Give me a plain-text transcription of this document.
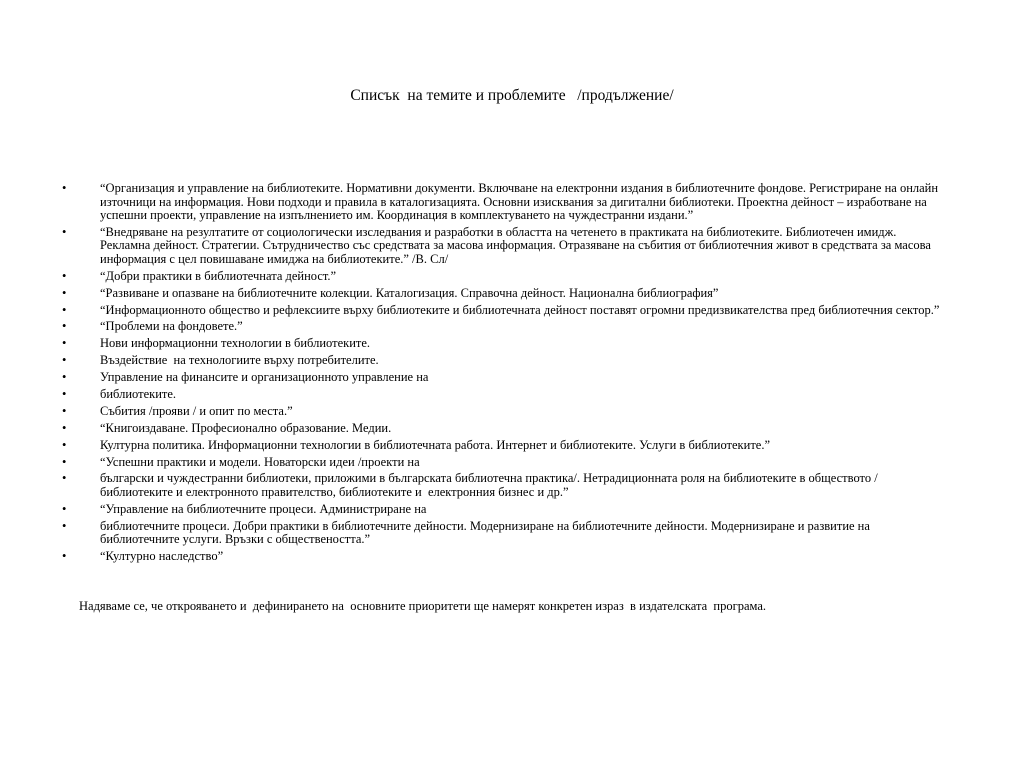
Списък  на темите и проблемите   /продължение/
•	“Организация и управление на библиотеките. Нормативни документи. Включване на електронни издания в библиотечните фондове. Регистриране на онлайн източници на информация. Нови подходи и правила в каталогизацията. Основни изисквания за дигитални библиотеки. Проектна дейност – изработване на успешни проекти, управление на изпълнението им. Координация в комплектуването на чуждестранни издани.”
•	“Внедряване на резултатите от социологически изследвания и разработки в областта на четенето в практиката на библиотеките. Библиотечен имидж. Рекламна дейност. Стратегии. Сътрудничество със средствата за масова информация. Отразяване на събития от библиотечния живот в средствата за масова информация с цел повишаване имиджа на библиотеките.” /В. Сл/
•	“Добри практики в библиотечната дейност.”
•	“Развиване и опазване на библиотечните колекции. Каталогизация. Справочна дейност. Национална библиография”
•	“Информационното общество и рефлексиите върху библиотеките и библиотечната дейност поставят огромни предизвикателства пред библиотечния сектор.”
•	“Проблеми на фондовете.”
•	Нови информационни технологии в библиотеките.
•	Въздействие  на технологиите върху потребителите.
•	Управление на финансите и организационното управление на
•	библиотеките.
•	Събития /прояви / и опит по места.”
•	“Книгоиздаване. Професионално образование. Медии.
•	Културна политика. Информационни технологии в библиотечната работа. Интернет и библиотеките. Услуги в библиотеките.”
•	“Успешни практики и модели. Новаторски идеи /проекти на
•	български и чуждестранни библиотеки, приложими в българската библиотечна практика/. Нетрадиционната роля на библиотеките в обществото /библиотеките и електронното правителство, библиотеките и  електронния бизнес и др.”
•	“Управление на библиотечните процеси. Администриране на
•	библиотечните процеси. Добри практики в библиотечните дейности. Модернизиране на библиотечните дейности. Модернизиране и развитие на библиотечните услуги. Връзки с обществеността.”
•	“Културно наследство”
Надяваме се, че открояването и  дефинирането на  основните приоритети ще намерят конкретен израз  в издателската  програма.
